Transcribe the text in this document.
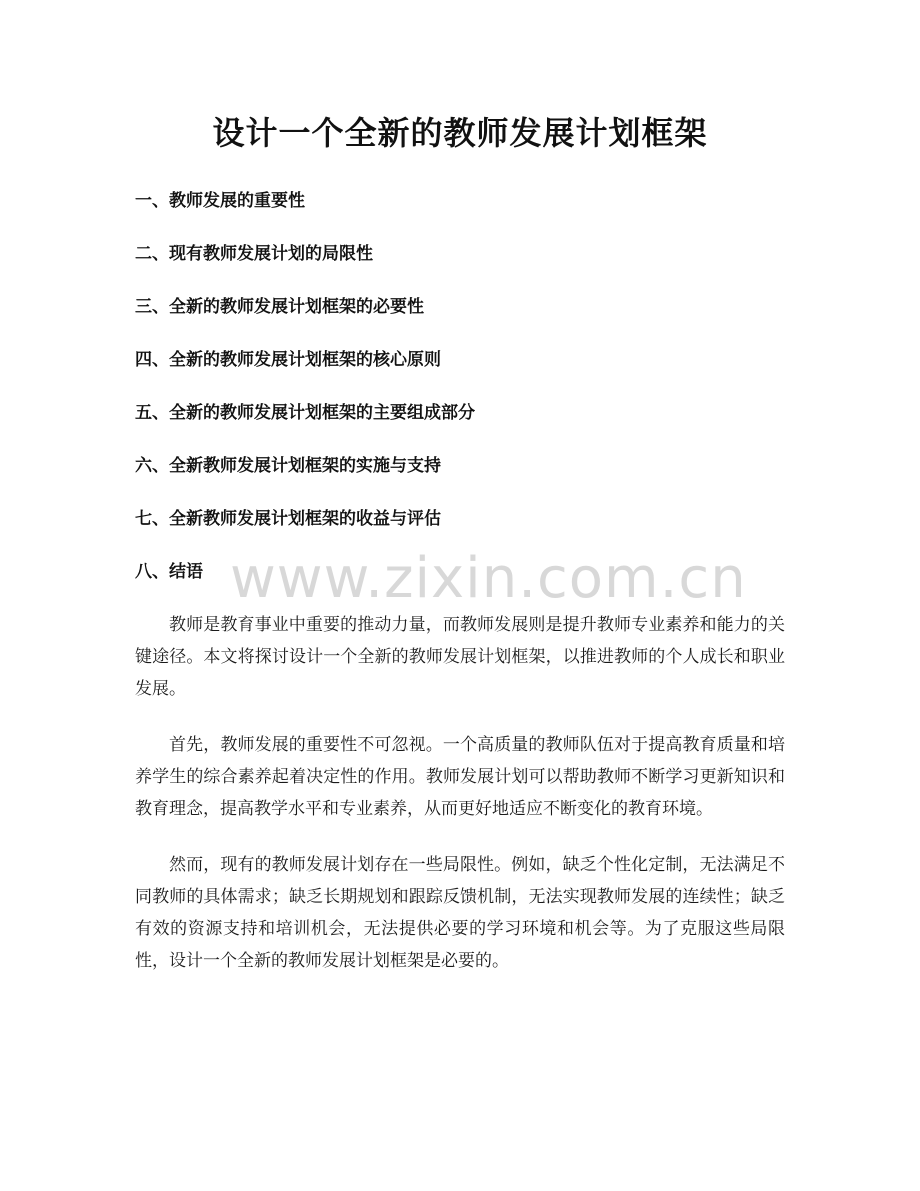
设计一个全新的教师发展计划框架
一、教师发展的重要性
二、现有教师发展计划的局限性
三、全新的教师发展计划框架的必要性
四、全新的教师发展计划框架的核心原则
五、全新的教师发展计划框架的主要组成部分
六、全新教师发展计划框架的实施与支持
七、全新教师发展计划框架的收益与评估
八、结语 www.zixin.com.cn

教师是教育事业中重要的推动力量，而教师发展则是提升教师专业素养和能力的关键途径。本文将探讨设计一个全新的教师发展计划框架，以推进教师的个人成长和职业发展。

首先，教师发展的重要性不可忽视。一个高质量的教师队伍对于提高教育质量和培养学生的综合素养起着决定性的作用。教师发展计划可以帮助教师不断学习更新知识和教育理念，提高教学水平和专业素养，从而更好地适应不断变化的教育环境。

然而，现有的教师发展计划存在一些局限性。例如，缺乏个性化定制，无法满足不同教师的具体需求；缺乏长期规划和跟踪反馈机制，无法实现教师发展的连续性；缺乏有效的资源支持和培训机会，无法提供必要的学习环境和机会等。为了克服这些局限性，设计一个全新的教师发展计划框架是必要的。
